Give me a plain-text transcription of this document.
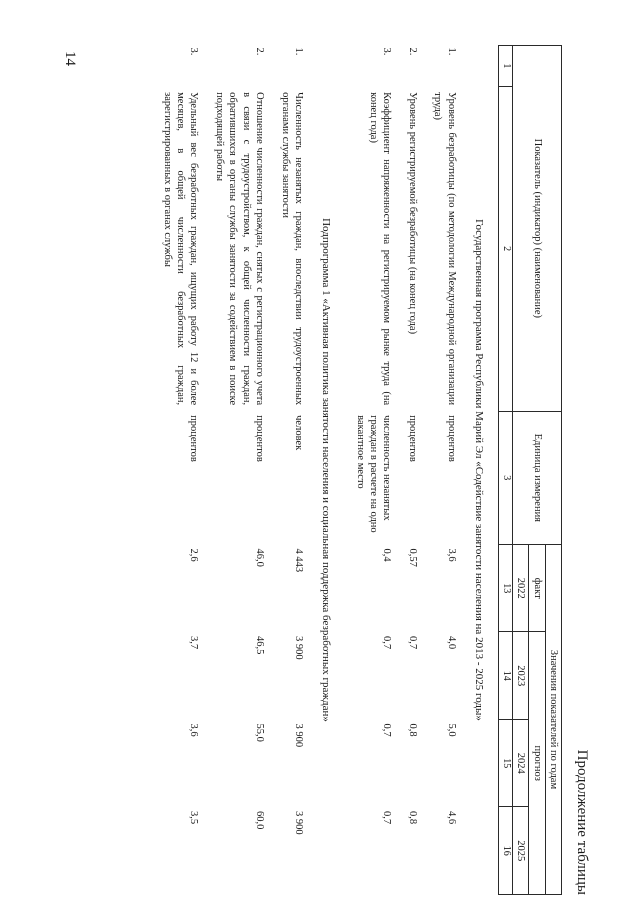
14
Продолжение таблицы
Показатель (индикатор) (наименование)		Единица измерения	Значения показателей по годам			
			факт	прогноз		
			2022	2023	2024	2025
1	2	3	13	14	15	16
Государственная программа Республики Марий Эл «Содействие занятости населения на 2013 - 2025 годы»						
1.	Уровень безработицы (по методологии Международной организации труда)	процентов	3,6	4,0	5,0	4,6
2.	Уровень регистрируемой безработицы (на конец года)	процентов	0,57	0,7	0,8	0,8
3.	Коэффициент напряженности на регистрируемом рынке труда (на конец года)	численность незанятых граждан в расчете на одно вакантное место	0,4	0,7	0,7	0,7
Подпрограмма 1 «Активная политика занятости населения и социальная поддержка безработных граждан»						
1.	Численность незанятых граждан, впоследствии трудоустроенных органами службы занятости	человек	4 443	3 900	3 900	3 900
2.	Отношение численности граждан, снятых с регистрационного учета в связи с трудоустройством, к общей численности граждан, обратившихся в органы службы занятости за содействием в поиске подходящей работы	процентов	46,0	46,5	55,0	60,0
3.	Удельный вес безработных граждан, ищущих работу 12 и более месяцев, в общей численности безработных граждан, зарегистрированных в органах службы	процентов	2,6	3,7	3,6	3,5
